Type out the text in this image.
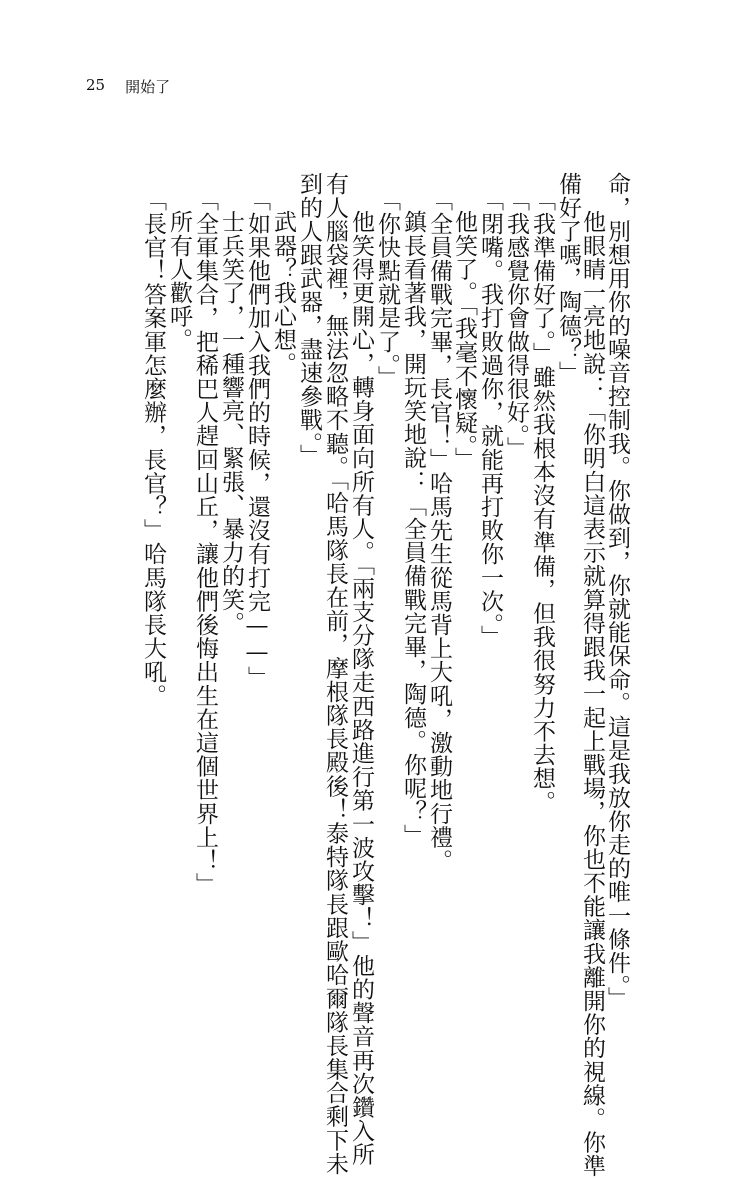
25 開始了
命，別想用你的噪音控制我。你做到，你就能保命。這是我放你走的唯一條件。」
他眼睛一亮地說：「你明白這表示就算得跟我一起上戰場，你也不能讓我離開你的視線。你準
備好了嗎，陶德？」
「我準備好了。」雖然我根本沒有準備，但我很努力不去想。
「我感覺你會做得很好。」
「閉嘴。我打敗過你，就能再打敗你一次。」
他笑了。「我毫不懷疑。」
「全員備戰完畢，長官！」哈馬先生從馬背上大吼，激動地行禮。
鎮長看著我，開玩笑地說：「全員備戰完畢，陶德。你呢？」
「你快點就是了。」
他笑得更開心，轉身面向所有人。「兩支分隊走西路進行第一波攻擊！」他的聲音再次鑽入所
有人腦袋裡，無法忽略不聽。「哈馬隊長在前，摩根隊長殿後！泰特隊長跟歐哈爾隊長集合剩下未
到的人跟武器，盡速參戰。」
武器？我心想。
「如果他們加入我們的時候，還沒有打完——」
士兵笑了，一種響亮、緊張、暴力的笑。
「全軍集合，把稀巴人趕回山丘，讓他們後悔出生在這個世界上！」
所有人歡呼。
「長官！答案軍怎麼辦，長官？」哈馬隊長大吼。
